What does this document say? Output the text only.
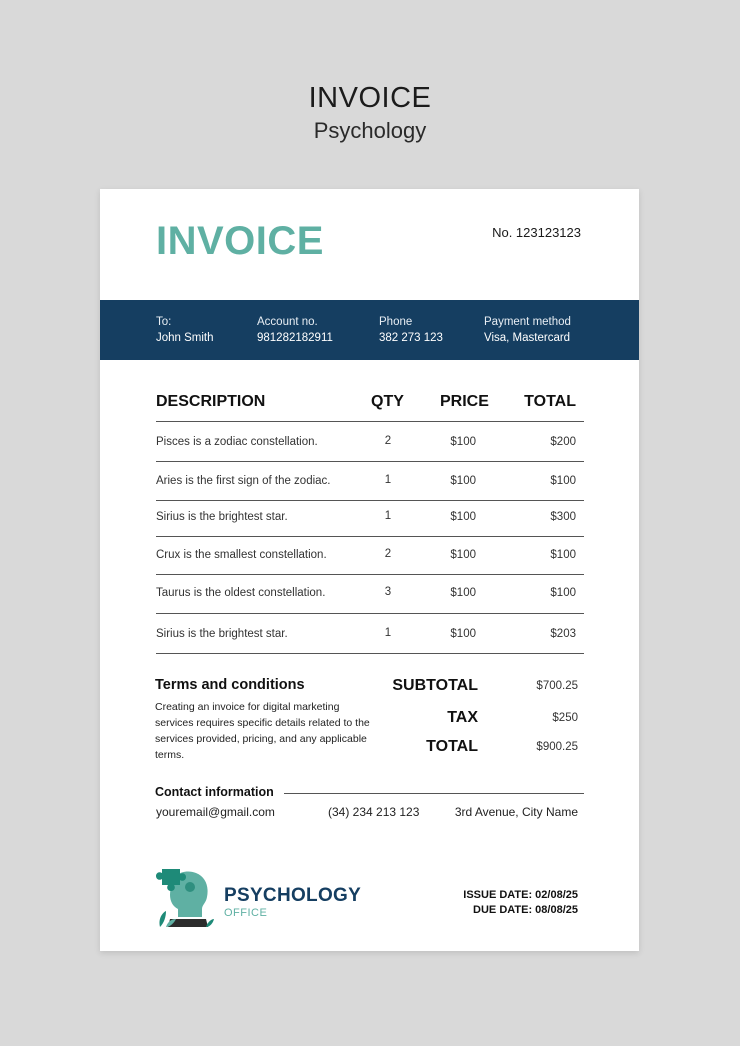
INVOICE
Psychology
INVOICE	No. 123123123
To:
John Smith
Account no.
981282182911
Phone
382 273 123
Payment method
Visa, Mastercard
DESCRIPTION	QTY PRICE TOTAL
Pisces is a zodiac constellation.	2	$100	$200
Aries is the first sign of the zodiac.	1	$100	$100
Sirius is the brightest star.	1	$100	$300
Crux is the smallest constellation.	2	$100	$100
Taurus is the oldest constellation.	3	$100	$100
Sirius is the brightest star.	1	$100	$203
Terms and conditions
Creating an invoice for digital marketing services requires specific details related to the services provided, pricing, and any applicable terms.
SUBTOTAL	$700.25
TAX	$250
TOTAL	$900.25
Contact information
youremail@gmail.com	(34) 234 213 123	3rd Avenue, City Name
PSYCHOLOGY
OFFICE
ISSUE DATE: 02/08/25
DUE DATE: 08/08/25
